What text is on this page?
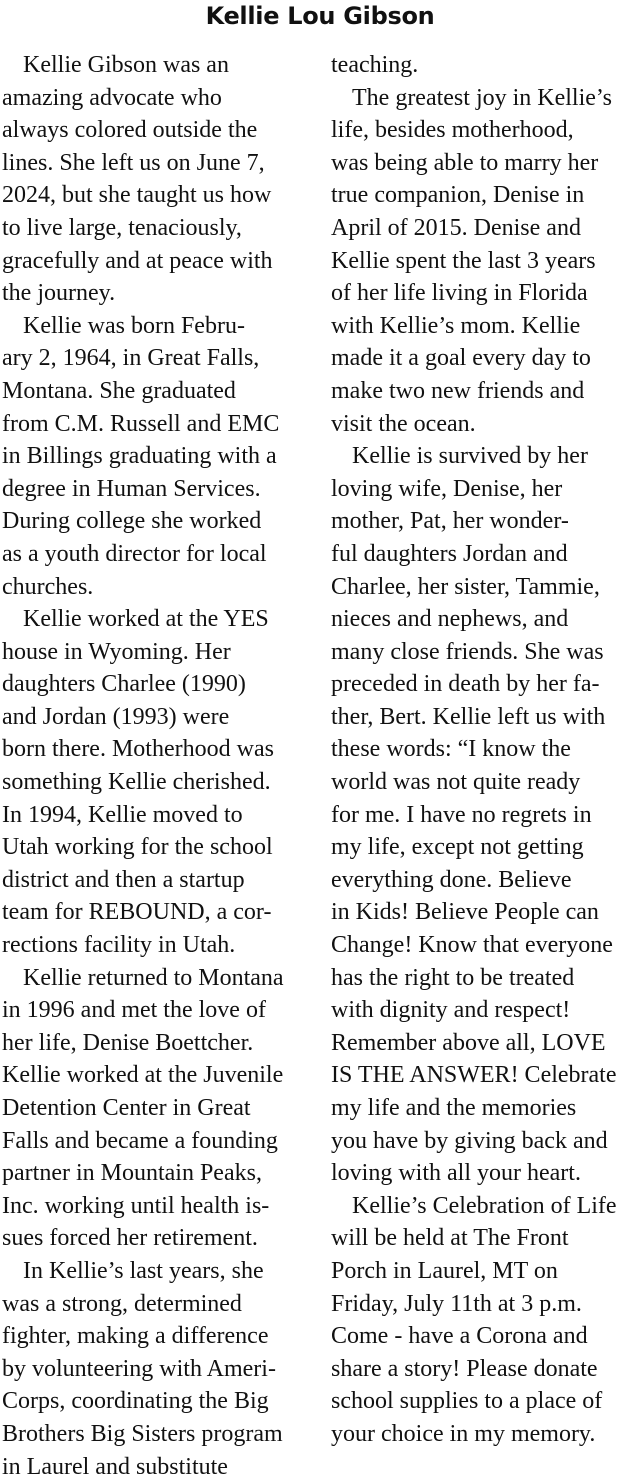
Kellie Lou Gibson
Kellie Gibson was an
amazing advocate who
always colored outside the
lines. She left us on June 7,
2024, but she taught us how
to live large, tenaciously,
gracefully and at peace with
the journey.
Kellie was born Febru-
ary 2, 1964, in Great Falls,
Montana. She graduated
from C.M. Russell and EMC
in Billings graduating with a
degree in Human Services.
During college she worked
as a youth director for local
churches.
Kellie worked at the YES
house in Wyoming. Her
daughters Charlee (1990)
and Jordan (1993) were
born there. Motherhood was
something Kellie cherished.
In 1994, Kellie moved to
Utah working for the school
district and then a startup
team for REBOUND, a cor-
rections facility in Utah.
Kellie returned to Montana
in 1996 and met the love of
her life, Denise Boettcher.
Kellie worked at the Juvenile
Detention Center in Great
Falls and became a founding
partner in Mountain Peaks,
Inc. working until health is-
sues forced her retirement.
In Kellie’s last years, she
was a strong, determined
fighter, making a difference
by volunteering with Ameri-
Corps, coordinating the Big
Brothers Big Sisters program
in Laurel and substitute
teaching.
The greatest joy in Kellie’s
life, besides motherhood,
was being able to marry her
true companion, Denise in
April of 2015. Denise and
Kellie spent the last 3 years
of her life living in Florida
with Kellie’s mom. Kellie
made it a goal every day to
make two new friends and
visit the ocean.
Kellie is survived by her
loving wife, Denise, her
mother, Pat, her wonder-
ful daughters Jordan and
Charlee, her sister, Tammie,
nieces and nephews, and
many close friends. She was
preceded in death by her fa-
ther, Bert. Kellie left us with
these words: “I know the
world was not quite ready
for me. I have no regrets in
my life, except not getting
everything done. Believe
in Kids! Believe People can
Change! Know that everyone
has the right to be treated
with dignity and respect!
Remember above all, LOVE
IS THE ANSWER! Celebrate
my life and the memories
you have by giving back and
loving with all your heart.
Kellie’s Celebration of Life
will be held at The Front
Porch in Laurel, MT on
Friday, July 11th at 3 p.m.
Come - have a Corona and
share a story! Please donate
school supplies to a place of
your choice in my memory.
